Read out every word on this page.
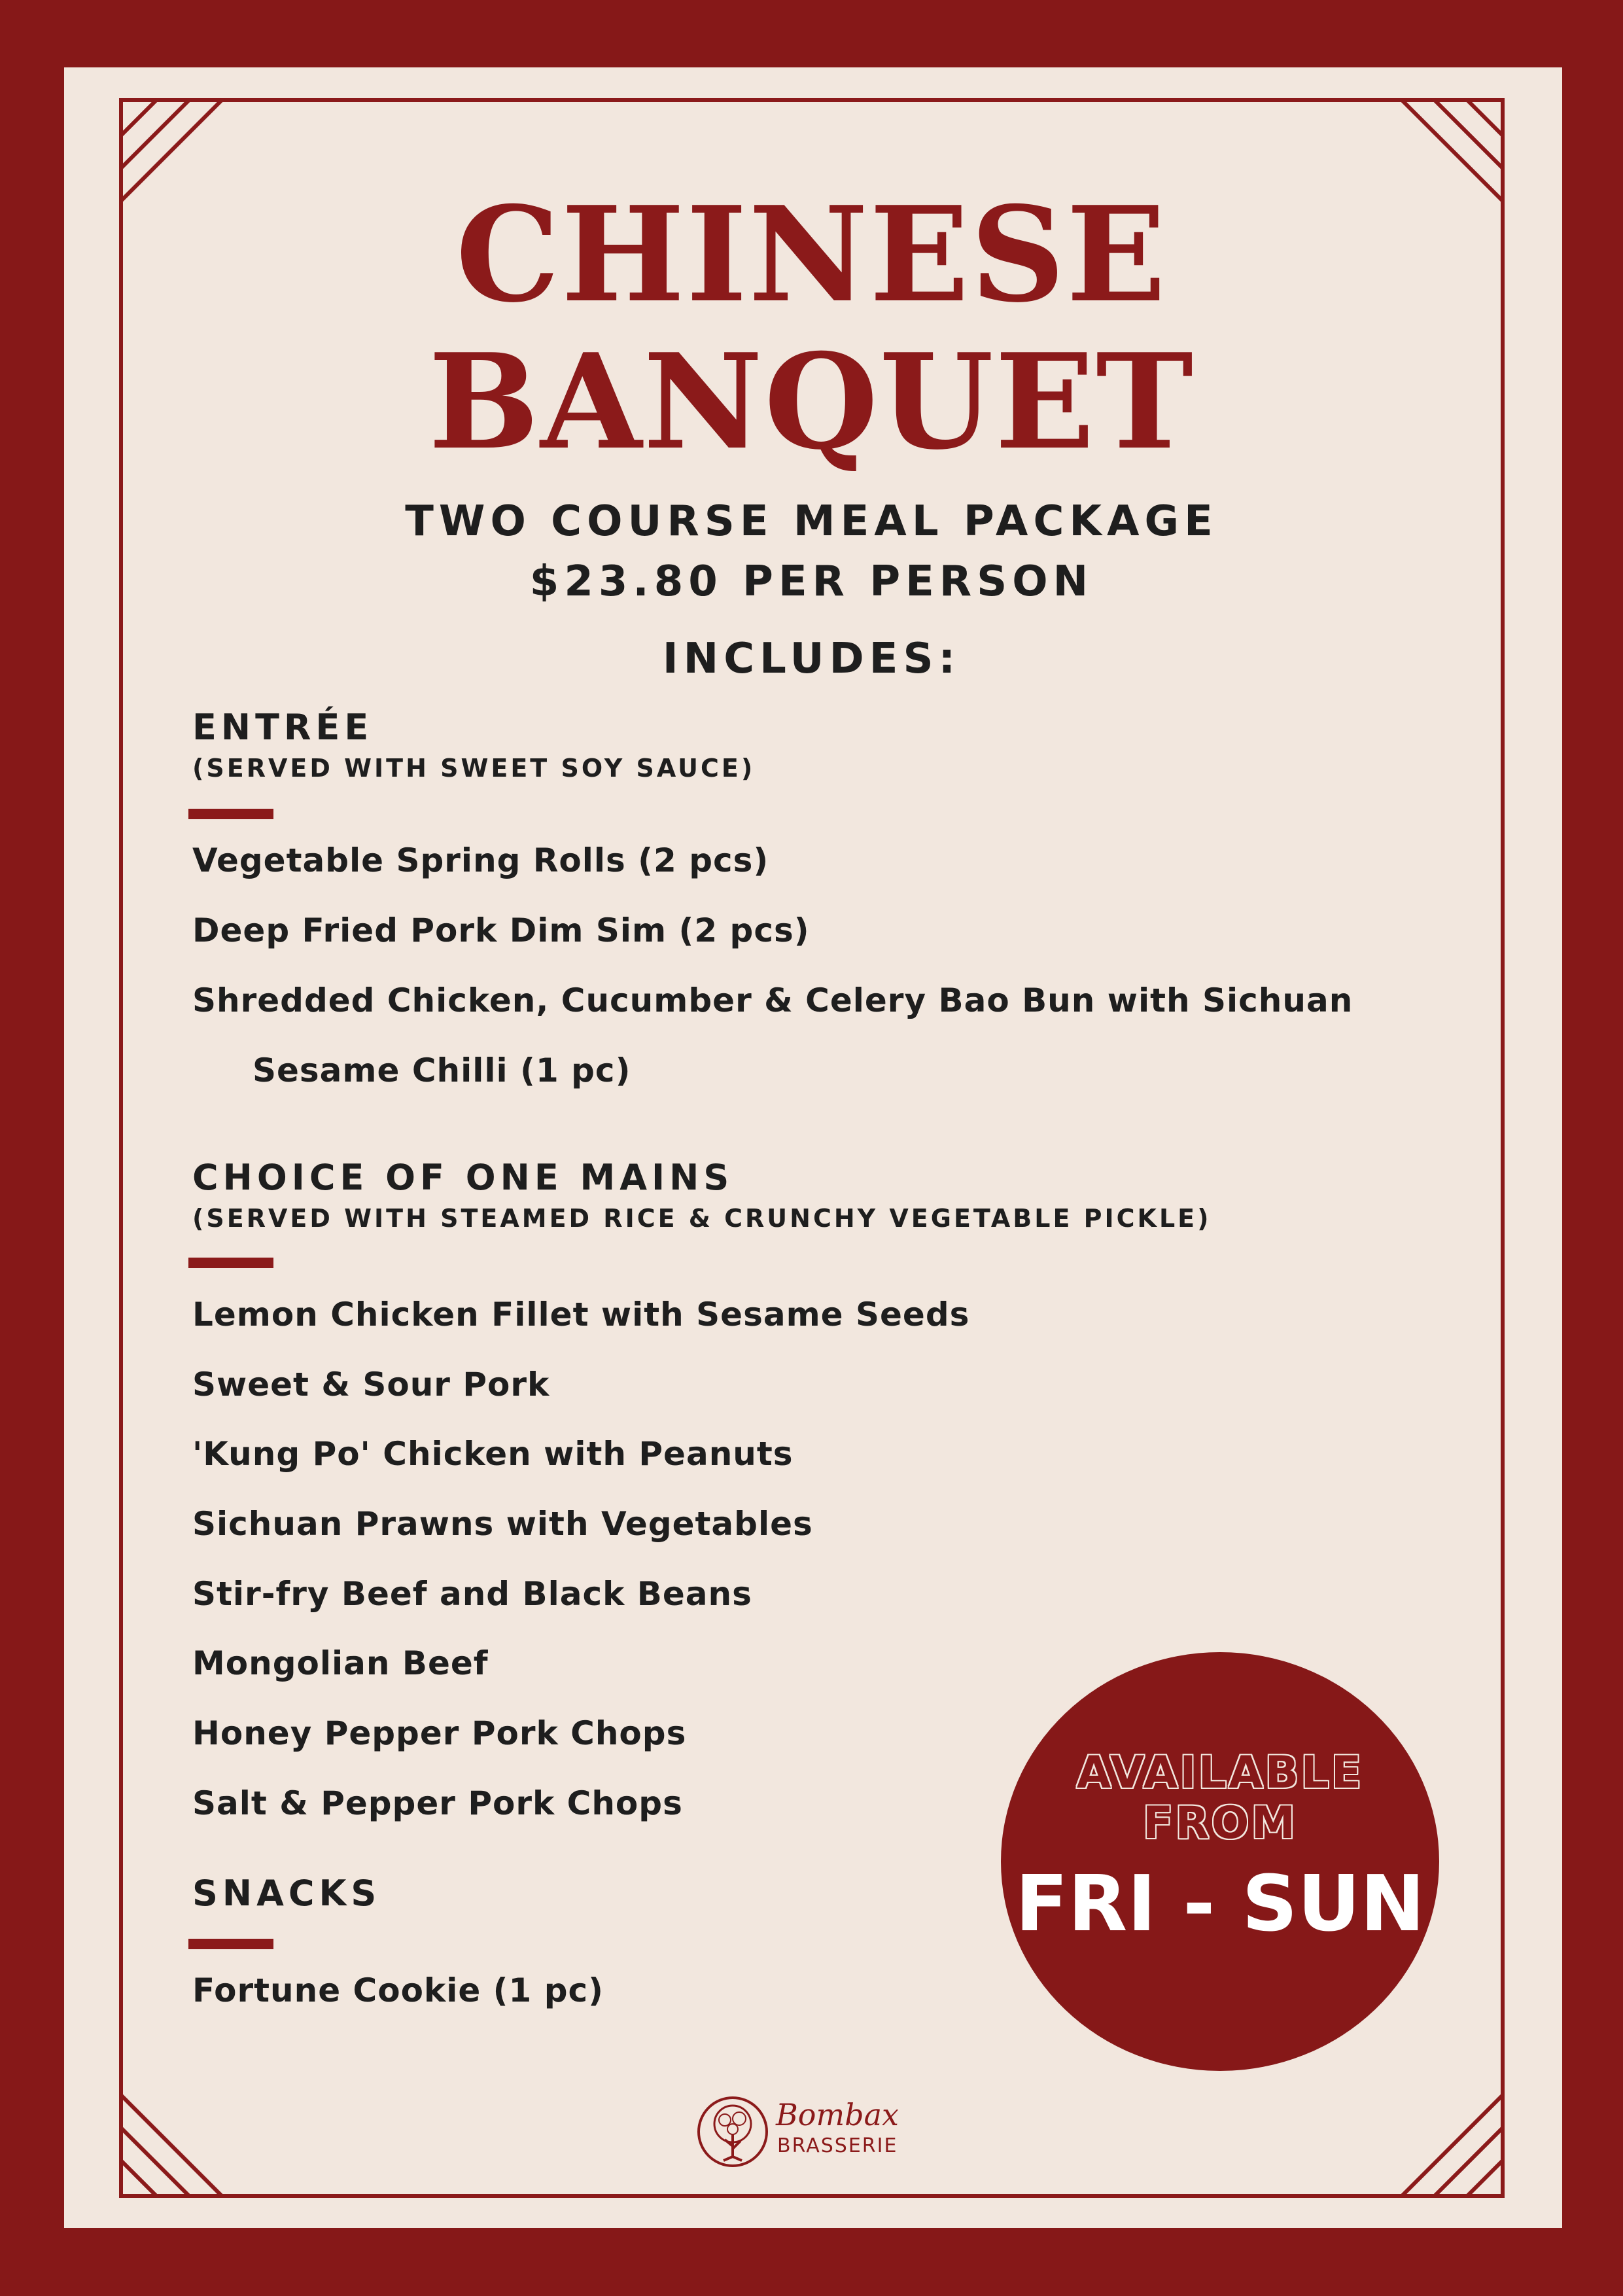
CHINESE
BANQUET
TWO COURSE MEAL PACKAGE
$23.80 PER PERSON
INCLUDES:
ENTRÉE
(SERVED WITH SWEET SOY SAUCE)
Vegetable Spring Rolls (2 pcs)
Deep Fried Pork Dim Sim (2 pcs)
Shredded Chicken, Cucumber & Celery Bao Bun with Sichuan
Sesame Chilli (1 pc)
CHOICE OF ONE MAINS
(SERVED WITH STEAMED RICE & CRUNCHY VEGETABLE PICKLE)
Lemon Chicken Fillet with Sesame Seeds
Sweet & Sour Pork
'Kung Po' Chicken with Peanuts
Sichuan Prawns with Vegetables
Stir-fry Beef and Black Beans
Mongolian Beef
Honey Pepper Pork Chops
Salt & Pepper Pork Chops
SNACKS
Fortune Cookie (1 pc)
AVAILABLE
FROM
FRI - SUN
Bombax
BRASSERIE
